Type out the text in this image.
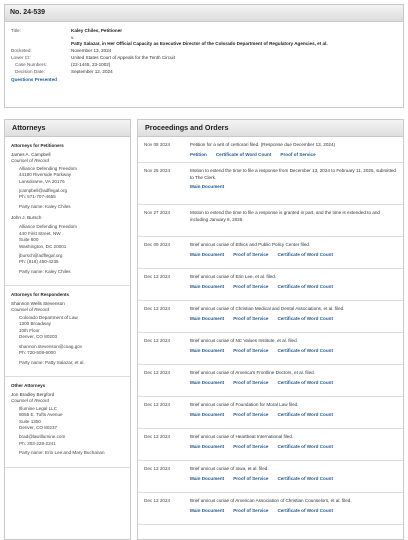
No. 24-539
Title:	Kaley Chiles, Petitioner
v.
Patty Salazar, in Her Official Capacity as Executive Director of the Colorado Department of Regulatory Agencies, et al.
Docketed:	November 13, 2024
Lower Ct:	United States Court of Appeals for the Tenth Circuit
Case Numbers:	(22-1445, 23-1002)
Decision Date:	September 12, 2024
Questions Presented
Attorneys
Attorneys for Petitioners
James A. Campbell
Counsel of Record
Alliance Defending Freedom
44180 Riverside Parkway
Lansdowne, VA 20176
jcampbell@adflegal.org
Ph: 571-707-4655
Party name: Kaley Chiles
John J. Bursch
Alliance Defending Freedom
440 First Street, NW
Suite 600
Washington, DC 20001
jbursch@adflegal.org
Ph: (616) 450-4235
Party name: Kaley Chiles
Attorneys for Respondents
Shannon Wells Stevenson
Counsel of Record
Colorado Department of Law
1300 Broadway
10th Floor
Denver, CO 80203
shannon.stevenson@coag.gov
Ph: 720-508-6000
Party name: Patty Salazar, et al.
Other Attorneys
Jon Bradley Bergford
Counsel of Record
Illumine Legal LLC
8055 E. Tufts Avenue
Suite 1350
Denver, CO 80237
brad@lawillumine.com
Ph: 303-228-2241
Party name: Erin Lee and Mary Buchanan
Proceedings and Orders
Nov 08 2024	Petition for a writ of certiorari filed. (Response due December 13, 2024)
Petition Certificate of Word Count Proof of Service
Nov 25 2024	Motion to extend the time to file a response from December 13, 2024 to February 11, 2025, submitted to The Clerk.
Main Document
Nov 27 2024	Motion to extend the time to file a response is granted in part, and the time is extended to and including January 6, 2025.
Dec 09 2024	Brief amicus curiae of Ethics and Public Policy Center filed.
Main Document Proof of Service Certificate of Word Count
Dec 13 2024	Brief amicus curiae of Erin Lee, et al. filed.
Main Document Proof of Service Certificate of Word Count
Dec 13 2024	Brief amicus curiae of Christian Medical and Dental Associations, et al. filed.
Main Document Proof of Service Certificate of Word Count
Dec 13 2024	Brief amicus curiae of NC Values Institute, et al. filed.
Main Document Proof of Service Certificate of Word Count
Dec 13 2024	Brief amicus curiae of America's Frontline Doctors, et al. filed.
Main Document Proof of Service Certificate of Word Count
Dec 13 2024	Brief amicus curiae of Foundation for Moral Law filed.
Main Document Proof of Service Certificate of Word Count
Dec 13 2024	Brief amicus curiae of Heartbeat International filed.
Main Document Proof of Service Certificate of Word Count
Dec 13 2024	Brief amicus curiae of Iowa, et al. filed.
Main Document Proof of Service Certificate of Word Count
Dec 13 2024	Brief amicus curiae of American Association of Christian Counselors, et al. filed.
Main Document Proof of Service Certificate of Word Count
